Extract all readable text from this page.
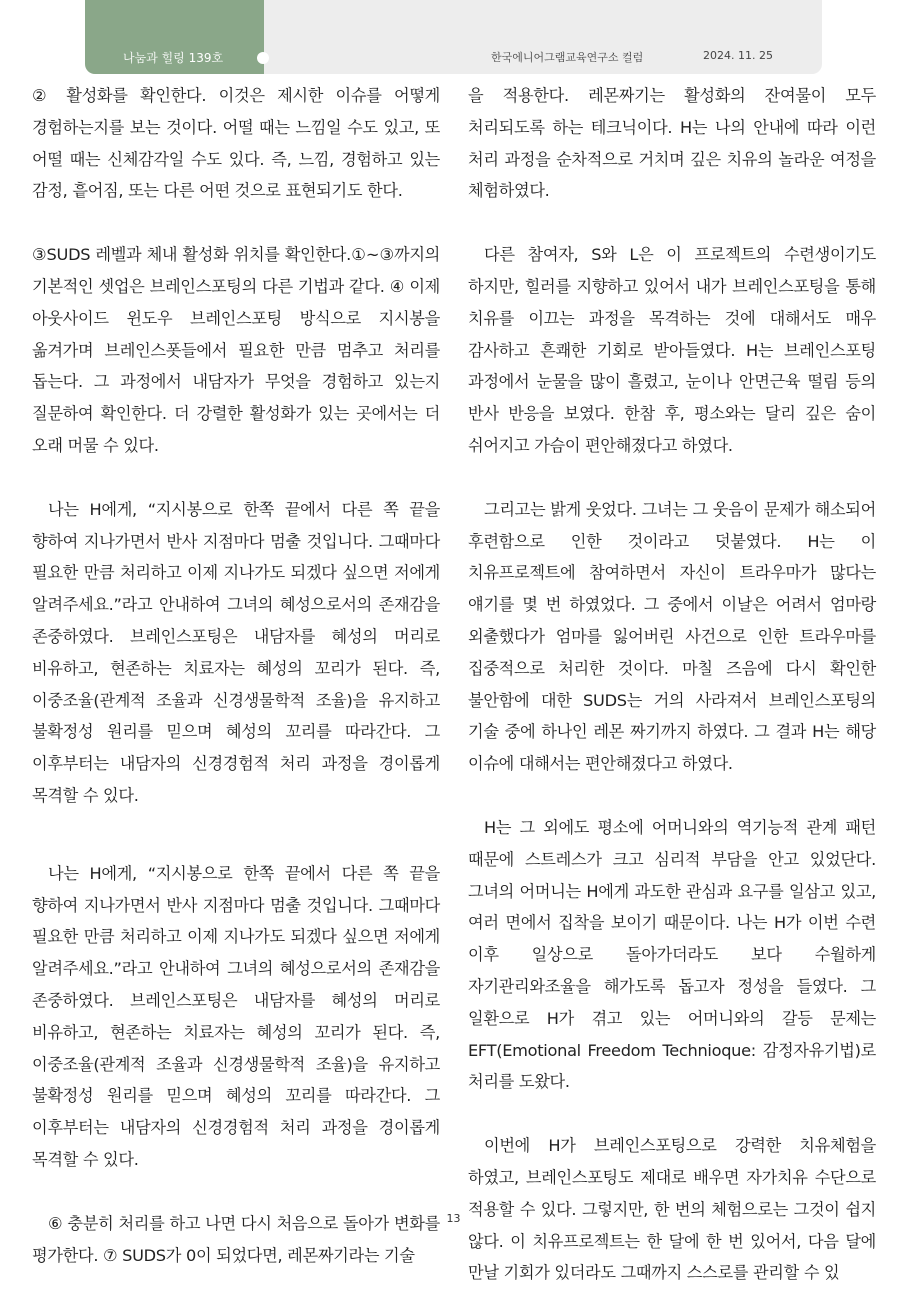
나눔과 힐링 139호	한국에니어그램교육연구소 컬럼	2024. 11. 25

② 활성화를 확인한다. 이것은 제시한 이슈를 어떻게 경험하는지를 보는 것이다. 어떨 때는 느낌일 수도 있고, 또 어떨 때는 신체감각일 수도 있다. 즉, 느낌, 경험하고 있는 감정, 흩어짐, 또는 다른 어떤 것으로 표현되기도 한다.

③SUDS 레벨과 체내 활성화 위치를 확인한다.①~③까지의 기본적인 셋업은 브레인스포팅의 다른 기법과 같다. ④ 이제 아웃사이드 윈도우 브레인스포팅 방식으로 지시봉을 옮겨가며 브레인스폿들에서 필요한 만큼 멈추고 처리를 돕는다. 그 과정에서 내담자가 무엇을 경험하고 있는지 질문하여 확인한다. 더 강렬한 활성화가 있는 곳에서는 더 오래 머물 수 있다.

나는 H에게, “지시봉으로 한쪽 끝에서 다른 쪽 끝을 향하여 지나가면서 반사 지점마다 멈출 것입니다. 그때마다 필요한 만큼 처리하고 이제 지나가도 되겠다 싶으면 저에게 알려주세요.”라고 안내하여 그녀의 혜성으로서의 존재감을 존중하였다. 브레인스포팅은 내담자를 혜성의 머리로 비유하고, 현존하는 치료자는 혜성의 꼬리가 된다. 즉, 이중조율(관계적 조율과 신경생물학적 조율)을 유지하고 불확정성 원리를 믿으며 혜성의 꼬리를 따라간다. 그 이후부터는 내담자의 신경경험적 처리 과정을 경이롭게 목격할 수 있다.

나는 H에게, “지시봉으로 한쪽 끝에서 다른 쪽 끝을 향하여 지나가면서 반사 지점마다 멈출 것입니다. 그때마다 필요한 만큼 처리하고 이제 지나가도 되겠다 싶으면 저에게 알려주세요.”라고 안내하여 그녀의 혜성으로서의 존재감을 존중하였다. 브레인스포팅은 내담자를 혜성의 머리로 비유하고, 현존하는 치료자는 혜성의 꼬리가 된다. 즉, 이중조율(관계적 조율과 신경생물학적 조율)을 유지하고 불확정성 원리를 믿으며 혜성의 꼬리를 따라간다. 그 이후부터는 내담자의 신경경험적 처리 과정을 경이롭게 목격할 수 있다.

⑥ 충분히 처리를 하고 나면 다시 처음으로 돌아가 변화를 평가한다. ⑦ SUDS가 0이 되었다면, 레몬짜기라는 기술

을 적용한다. 레몬짜기는 활성화의 잔여물이 모두 처리되도록 하는 테크닉이다. H는 나의 안내에 따라 이런 처리 과정을 순차적으로 거치며 깊은 치유의 놀라운 여정을 체험하였다.

다른 참여자, S와 L은 이 프로젝트의 수련생이기도 하지만, 힐러를 지향하고 있어서 내가 브레인스포팅을 통해 치유를 이끄는 과정을 목격하는 것에 대해서도 매우 감사하고 흔쾌한 기회로 받아들였다. H는 브레인스포팅 과정에서 눈물을 많이 흘렸고, 눈이나 안면근육 떨림 등의 반사 반응을 보였다. 한참 후, 평소와는 달리 깊은 숨이 쉬어지고 가슴이 편안해졌다고 하였다.

그리고는 밝게 웃었다. 그녀는 그 웃음이 문제가 해소되어 후련함으로 인한 것이라고 덧붙였다. H는 이 치유프로젝트에 참여하면서 자신이 트라우마가 많다는 얘기를 몇 번 하였었다. 그 중에서 이날은 어려서 엄마랑 외출했다가 엄마를 잃어버린 사건으로 인한 트라우마를 집중적으로 처리한 것이다. 마칠 즈음에 다시 확인한 불안함에 대한 SUDS는 거의 사라져서 브레인스포팅의 기술 중에 하나인 레몬 짜기까지 하였다. 그 결과 H는 해당 이슈에 대해서는 편안해졌다고 하였다.

H는 그 외에도 평소에 어머니와의 역기능적 관계 패턴 때문에 스트레스가 크고 심리적 부담을 안고 있었단다. 그녀의 어머니는 H에게 과도한 관심과 요구를 일삼고 있고, 여러 면에서 집착을 보이기 때문이다. 나는 H가 이번 수련 이후 일상으로 돌아가더라도 보다 수월하게 자기관리와조율을 해가도록 돕고자 정성을 들였다. 그 일환으로 H가 겪고 있는 어머니와의 갈등 문제는 EFT(Emotional Freedom Technioque: 감정자유기법)로 처리를 도왔다.

이번에 H가 브레인스포팅으로 강력한 치유체험을 하였고, 브레인스포팅도 제대로 배우면 자가치유 수단으로 적용할 수 있다. 그렇지만, 한 번의 체험으로는 그것이 쉽지 않다. 이 치유프로젝트는 한 달에 한 번 있어서, 다음 달에 만날 기회가 있더라도 그때까지 스스로를 관리할 수 있

13
